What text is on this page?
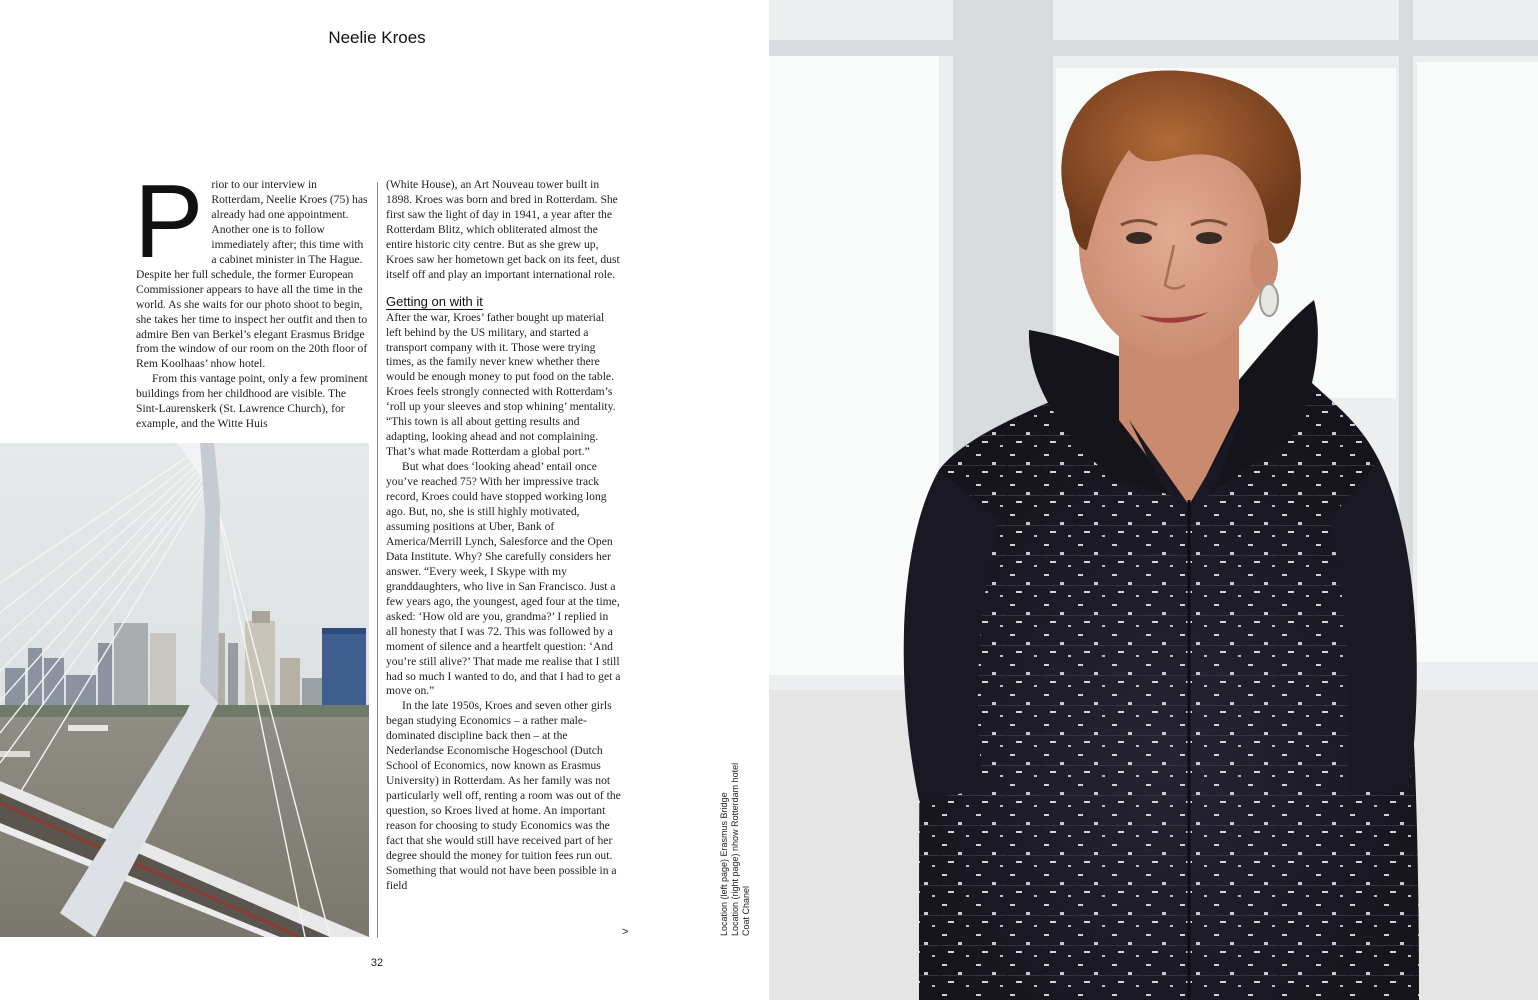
Neelie Kroes
P rior to our interview in Rotterdam, Neelie Kroes (75) has already had one appointment. Another one is to follow immediately after; this time with a cabinet minister in The Hague. Despite her full schedule, the former European Commissioner appears to have all the time in the world. As she waits for our photo shoot to begin, she takes her time to inspect her outfit and then to admire Ben van Berkel’s elegant Erasmus Bridge from the window of our room on the 20th floor of Rem Koolhaas’ nhow hotel.

From this vantage point, only a few prominent buildings from her childhood are visible. The Sint-Laurenskerk (St. Lawrence Church), for example, and the Witte Huis

(White House), an Art Nouveau tower built in 1898. Kroes was born and bred in Rotterdam. She first saw the light of day in 1941, a year after the Rotterdam Blitz, which obliterated almost the entire historic city centre. But as she grew up, Kroes saw her hometown get back on its feet, dust itself off and play an important international role.

Getting on with it

After the war, Kroes’ father bought up material left behind by the US military, and started a transport company with it. Those were trying times, as the family never knew whether there would be enough money to put food on the table. Kroes feels strongly connected with Rotterdam’s ‘roll up your sleeves and stop whining’ mentality. “This town is all about getting results and adapting, looking ahead and not complaining. That’s what made Rotterdam a global port.”

But what does ‘looking ahead’ entail once you’ve reached 75? With her impressive track record, Kroes could have stopped working long ago. But, no, she is still highly motivated, assuming positions at Uber, Bank of America/Merrill Lynch, Salesforce and the Open Data Institute. Why? She carefully considers her answer. “Every week, I Skype with my granddaughters, who live in San Francisco. Just a few years ago, the youngest, aged four at the time, asked: ‘How old are you, grandma?’ I replied in all honesty that I was 72. This was followed by a moment of silence and a heartfelt question: ‘And you’re still alive?’ That made me realise that I still had so much I wanted to do, and that I had to get a move on.”

In the late 1950s, Kroes and seven other girls began studying Economics – a rather male-dominated discipline back then – at the Nederlandse Economische Hogeschool (Dutch School of Economics, now known as Erasmus University) in Rotterdam. As her family was not particularly well off, renting a room was out of the question, so Kroes lived at home. An important reason for choosing to study Economics was the fact that she would still have received part of her degree should the money for tuition fees run out. Something that would not have been possible in a field

>
32
Location (left page) Erasmus Bridge Location (right page) nhow Rotterdam hotel Coat Chanel
